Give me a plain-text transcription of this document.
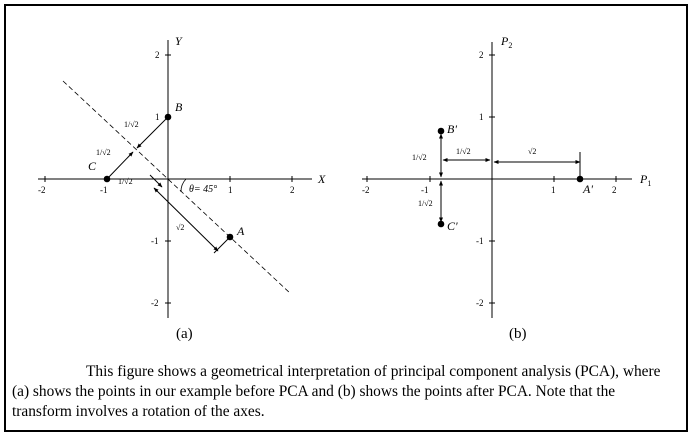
-2	-1	1	2
2
1
-1
-2
X
Y
θ= 45°
A
B
C
1/√2
1/√2
1/√2
√2
(a)
-2	-1	1	2
2
1
-1
-2
$P_1$
$P_2$
A'
B'
C'
1/√2
1/√2	√2
1/√2
(b)
This figure shows a geometrical interpretation of principal component analysis (PCA), where (a) shows the points in our example before PCA and (b) shows the points after PCA. Note that the transform involves a rotation of the axes.
